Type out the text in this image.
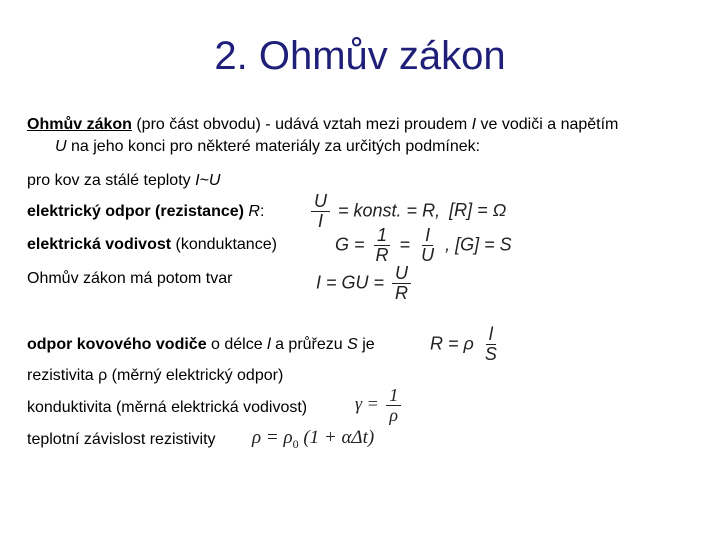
2. Ohmův zákon
Ohmův zákon (pro část obvodu) - udává vztah mezi proudem I ve vodiči a napětím
U na jeho konci pro některé materiály za určitých podmínek:
pro kov za stálé teploty I~U
elektrický odpor (rezistance) R:
elektrická vodivost (konduktance)
Ohmův zákon má potom tvar
odpor kovového vodiče o délce l a průřezu S je
rezistivita ρ (měrný elektrický odpor)
konduktivita (měrná elektrická vodivost)
teplotní závislost rezistivity
$\frac{U}{I}$ = konst. = R, [R] = Ω
$G = \frac{1}{R} = \frac{I}{U}$ , [G] = S
I = GU = $\frac{U}{R}$
R = ρ $\frac{l}{S}$
$\gamma = \frac{1}{\rho}$
$\rho = \rho_0$ (1 + αΔt)
